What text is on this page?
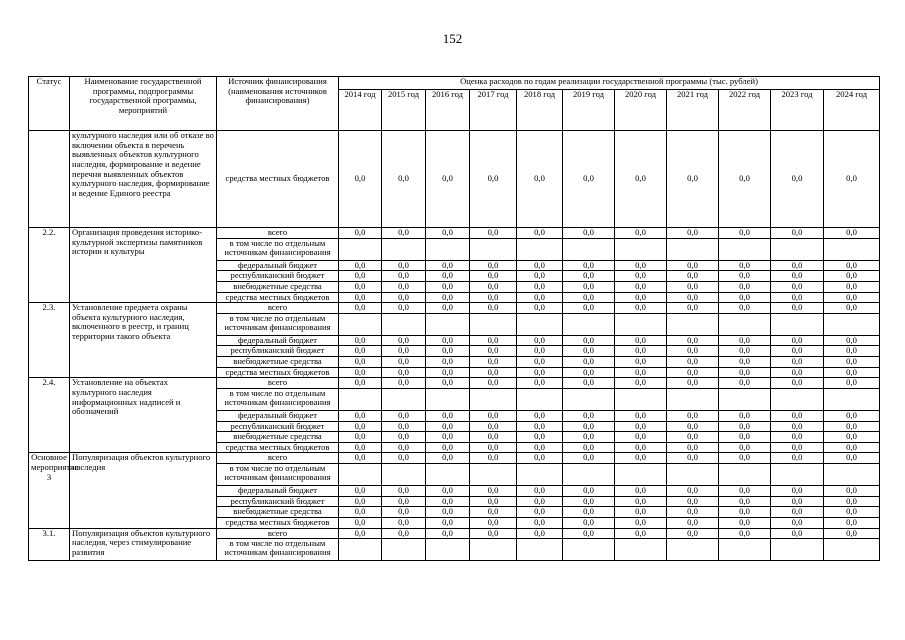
152
Статус	Наименование государственной программы, подпрограммы государственной программы, мероприятий	Источник финансирования (наименования источников финансирования)	Оценка расходов по годам реализации государственной программы (тыс. рублей)										
			2014 год	2015 год	2016 год	2017 год	2018 год	2019 год	2020 год	2021 год	2022 год	2023 год	2024 год
	культурного наследия или об отказе во включении объекта в перечень выявленных объектов культурного наследия, формирование и ведение перечня выявленных объектов культурного наследия, формирование и ведение Единого реестра	средства местных бюджетов	0,0	0,0	0,0	0,0	0,0	0,0	0,0	0,0	0,0	0,0	0,0
2.2.	Организация проведения историко-культурной экспертизы памятников истории и культуры	всего	0,0	0,0	0,0	0,0	0,0	0,0	0,0	0,0	0,0	0,0	0,0
		в том числе по отдельным источникам финансирования											
		федеральный бюджет	0,0	0,0	0,0	0,0	0,0	0,0	0,0	0,0	0,0	0,0	0,0
		республиканский бюджет	0,0	0,0	0,0	0,0	0,0	0,0	0,0	0,0	0,0	0,0	0,0
		внебюджетные средства	0,0	0,0	0,0	0,0	0,0	0,0	0,0	0,0	0,0	0,0	0,0
		средства местных бюджетов	0,0	0,0	0,0	0,0	0,0	0,0	0,0	0,0	0,0	0,0	0,0
2.3.	Установление предмета охраны объекта культурного наследия, включенного в реестр, и границ территории такого объекта	всего	0,0	0,0	0,0	0,0	0,0	0,0	0,0	0,0	0,0	0,0	0,0
		в том числе по отдельным источникам финансирования											
		федеральный бюджет	0,0	0,0	0,0	0,0	0,0	0,0	0,0	0,0	0,0	0,0	0,0
		республиканский бюджет	0,0	0,0	0,0	0,0	0,0	0,0	0,0	0,0	0,0	0,0	0,0
		внебюджетные средства	0,0	0,0	0,0	0,0	0,0	0,0	0,0	0,0	0,0	0,0	0,0
		средства местных бюджетов	0,0	0,0	0,0	0,0	0,0	0,0	0,0	0,0	0,0	0,0	0,0
2.4.	Установление на объектах культурного наследия информационных надписей и обозначений	всего	0,0	0,0	0,0	0,0	0,0	0,0	0,0	0,0	0,0	0,0	0,0
		в том числе по отдельным источникам финансирования											
		федеральный бюджет	0,0	0,0	0,0	0,0	0,0	0,0	0,0	0,0	0,0	0,0	0,0
		республиканский бюджет	0,0	0,0	0,0	0,0	0,0	0,0	0,0	0,0	0,0	0,0	0,0
		внебюджетные средства	0,0	0,0	0,0	0,0	0,0	0,0	0,0	0,0	0,0	0,0	0,0
		средства местных бюджетов	0,0	0,0	0,0	0,0	0,0	0,0	0,0	0,0	0,0	0,0	0,0
Основное мероприятие 3	Популяризация объектов культурного наследия	всего	0,0	0,0	0,0	0,0	0,0	0,0	0,0	0,0	0,0	0,0	0,0
		в том числе по отдельным источникам финансирования											
		федеральный бюджет	0,0	0,0	0,0	0,0	0,0	0,0	0,0	0,0	0,0	0,0	0,0
		республиканский бюджет	0,0	0,0	0,0	0,0	0,0	0,0	0,0	0,0	0,0	0,0	0,0
		внебюджетные средства	0,0	0,0	0,0	0,0	0,0	0,0	0,0	0,0	0,0	0,0	0,0
		средства местных бюджетов	0,0	0,0	0,0	0,0	0,0	0,0	0,0	0,0	0,0	0,0	0,0
3.1.	Популяризация объектов культурного наследия, через стимулирование развития	всего	0,0	0,0	0,0	0,0	0,0	0,0	0,0	0,0	0,0	0,0	0,0
		в том числе по отдельным источникам финансирования											
